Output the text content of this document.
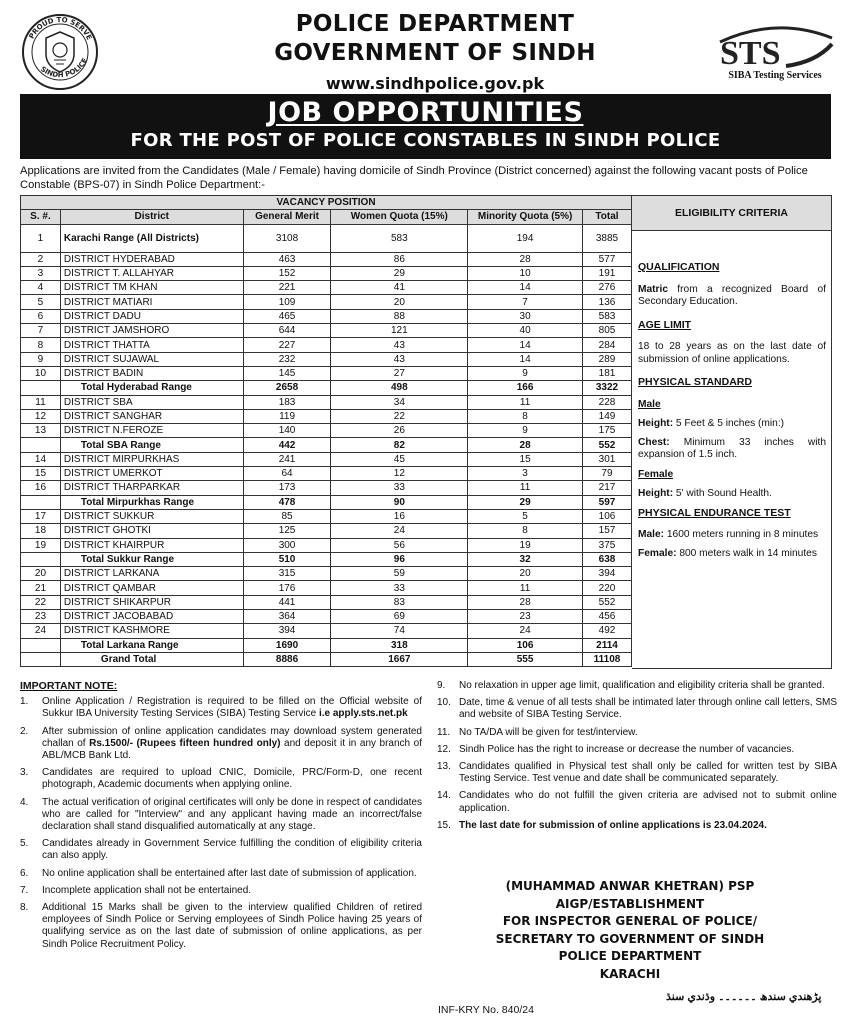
PROUD TO SERVE
SINDH POLICE
POLICE DEPARTMENT
GOVERNMENT OF SINDH
www.sindhpolice.gov.pk
STS
SIBA Testing Services
JOB OPPORTUNITIES
FOR THE POST OF POLICE CONSTABLES IN SINDH POLICE
Applications are invited from the Candidates (Male / Female) having domicile of Sindh Province (District concerned) against the following vacant posts of Police Constable (BPS-07) in Sindh Police Department:-
VACANCY POSITION					
S. #.	District	General Merit	Women Quota (15%)	Minority Quota (5%)	Total
1	Karachi Range (All Districts)	3108	583	194	3885
2	DISTRICT HYDERABAD	463	86	28	577
3	DISTRICT T. ALLAHYAR	152	29	10	191
4	DISTRICT TM KHAN	221	41	14	276
5	DISTRICT MATIARI	109	20	7	136
6	DISTRICT DADU	465	88	30	583
7	DISTRICT JAMSHORO	644	121	40	805
8	DISTRICT THATTA	227	43	14	284
9	DISTRICT SUJAWAL	232	43	14	289
10	DISTRICT BADIN	145	27	9	181
	Total Hyderabad Range	2658	498	166	3322
11	DISTRICT SBA	183	34	11	228
12	DISTRICT SANGHAR	119	22	8	149
13	DISTRICT N.FEROZE	140	26	9	175
	Total SBA Range	442	82	28	552
14	DISTRICT MIRPURKHAS	241	45	15	301
15	DISTRICT UMERKOT	64	12	3	79
16	DISTRICT THARPARKAR	173	33	11	217
	Total Mirpurkhas Range	478	90	29	597
17	DISTRICT SUKKUR	85	16	5	106
18	DISTRICT GHOTKI	125	24	8	157
19	DISTRICT KHAIRPUR	300	56	19	375
	Total Sukkur Range	510	96	32	638
20	DISTRICT LARKANA	315	59	20	394
21	DISTRICT QAMBAR	176	33	11	220
22	DISTRICT SHIKARPUR	441	83	28	552
23	DISTRICT JACOBABAD	364	69	23	456
24	DISTRICT KASHMORE	394	74	24	492
	Total Larkana Range	1690	318	106	2114
	Grand Total	8886	1667	555	11108
ELIGIBILITY CRITERIA
QUALIFICATION
Matric from a recognized Board of Secondary Education.
AGE LIMIT
18 to 28 years as on the last date of submission of online applications.
PHYSICAL STANDARD
Male
Height: 5 Feet & 5 inches (min:)
Chest: Minimum 33 inches with expansion of 1.5 inch.
Female
Height: 5' with Sound Health.
PHYSICAL ENDURANCE TEST
Male: 1600 meters running in 8 minutes
Female: 800 meters walk in 14 minutes
IMPORTANT NOTE:
1.	Online Application / Registration is required to be filled on the Official website of Sukkur IBA University Testing Services (SIBA) Testing Service i.e apply.sts.net.pk
2.	After submission of online application candidates may download system generated challan of Rs.1500/- (Rupees fifteen hundred only) and deposit it in any branch of ABL/MCB Bank Ltd.
3.	Candidates are required to upload CNIC, Domicile, PRC/Form-D, one recent photograph, Academic documents when applying online.
4.	The actual verification of original certificates will only be done in respect of candidates who are called for "Interview" and any applicant having made an incorrect/false declaration shall stand disqualified automatically at any stage.
5.	Candidates already in Government Service fulfilling the condition of eligibility criteria can also apply.
6.	No online application shall be entertained after last date of submission of application.
7.	Incomplete application shall not be entertained.
8.	Additional 15 Marks shall be given to the interview qualified Children of retired employees of Sindh Police or Serving employees of Sindh Police having 25 years of qualifying service as on the last date of submission of online applications, as per Sindh Police Recruitment Policy.
9.	No relaxation in upper age limit, qualification and eligibility criteria shall be granted.
10. Date, time & venue of all tests shall be intimated later through online call letters, SMS and website of SIBA Testing Service.
11. No TA/DA will be given for test/interview.
12. Sindh Police has the right to increase or decrease the number of vacancies.
13. Candidates qualified in Physical test shall only be called for written test by SIBA Testing Service. Test venue and date shall be communicated separately.
14. Candidates who do not fulfill the given criteria are advised not to submit online application.
15. The last date for submission of online applications is 23.04.2024.
(MUHAMMAD ANWAR KHETRAN) PSP
AIGP/ESTABLISHMENT
FOR INSPECTOR GENERAL OF POLICE/
SECRETARY TO GOVERNMENT OF SINDH
POLICE DEPARTMENT
KARACHI
INF-KRY No. 840/24
پڑھندي سندھ ۔۔۔۔۔۔ وڌندي سنڌ
